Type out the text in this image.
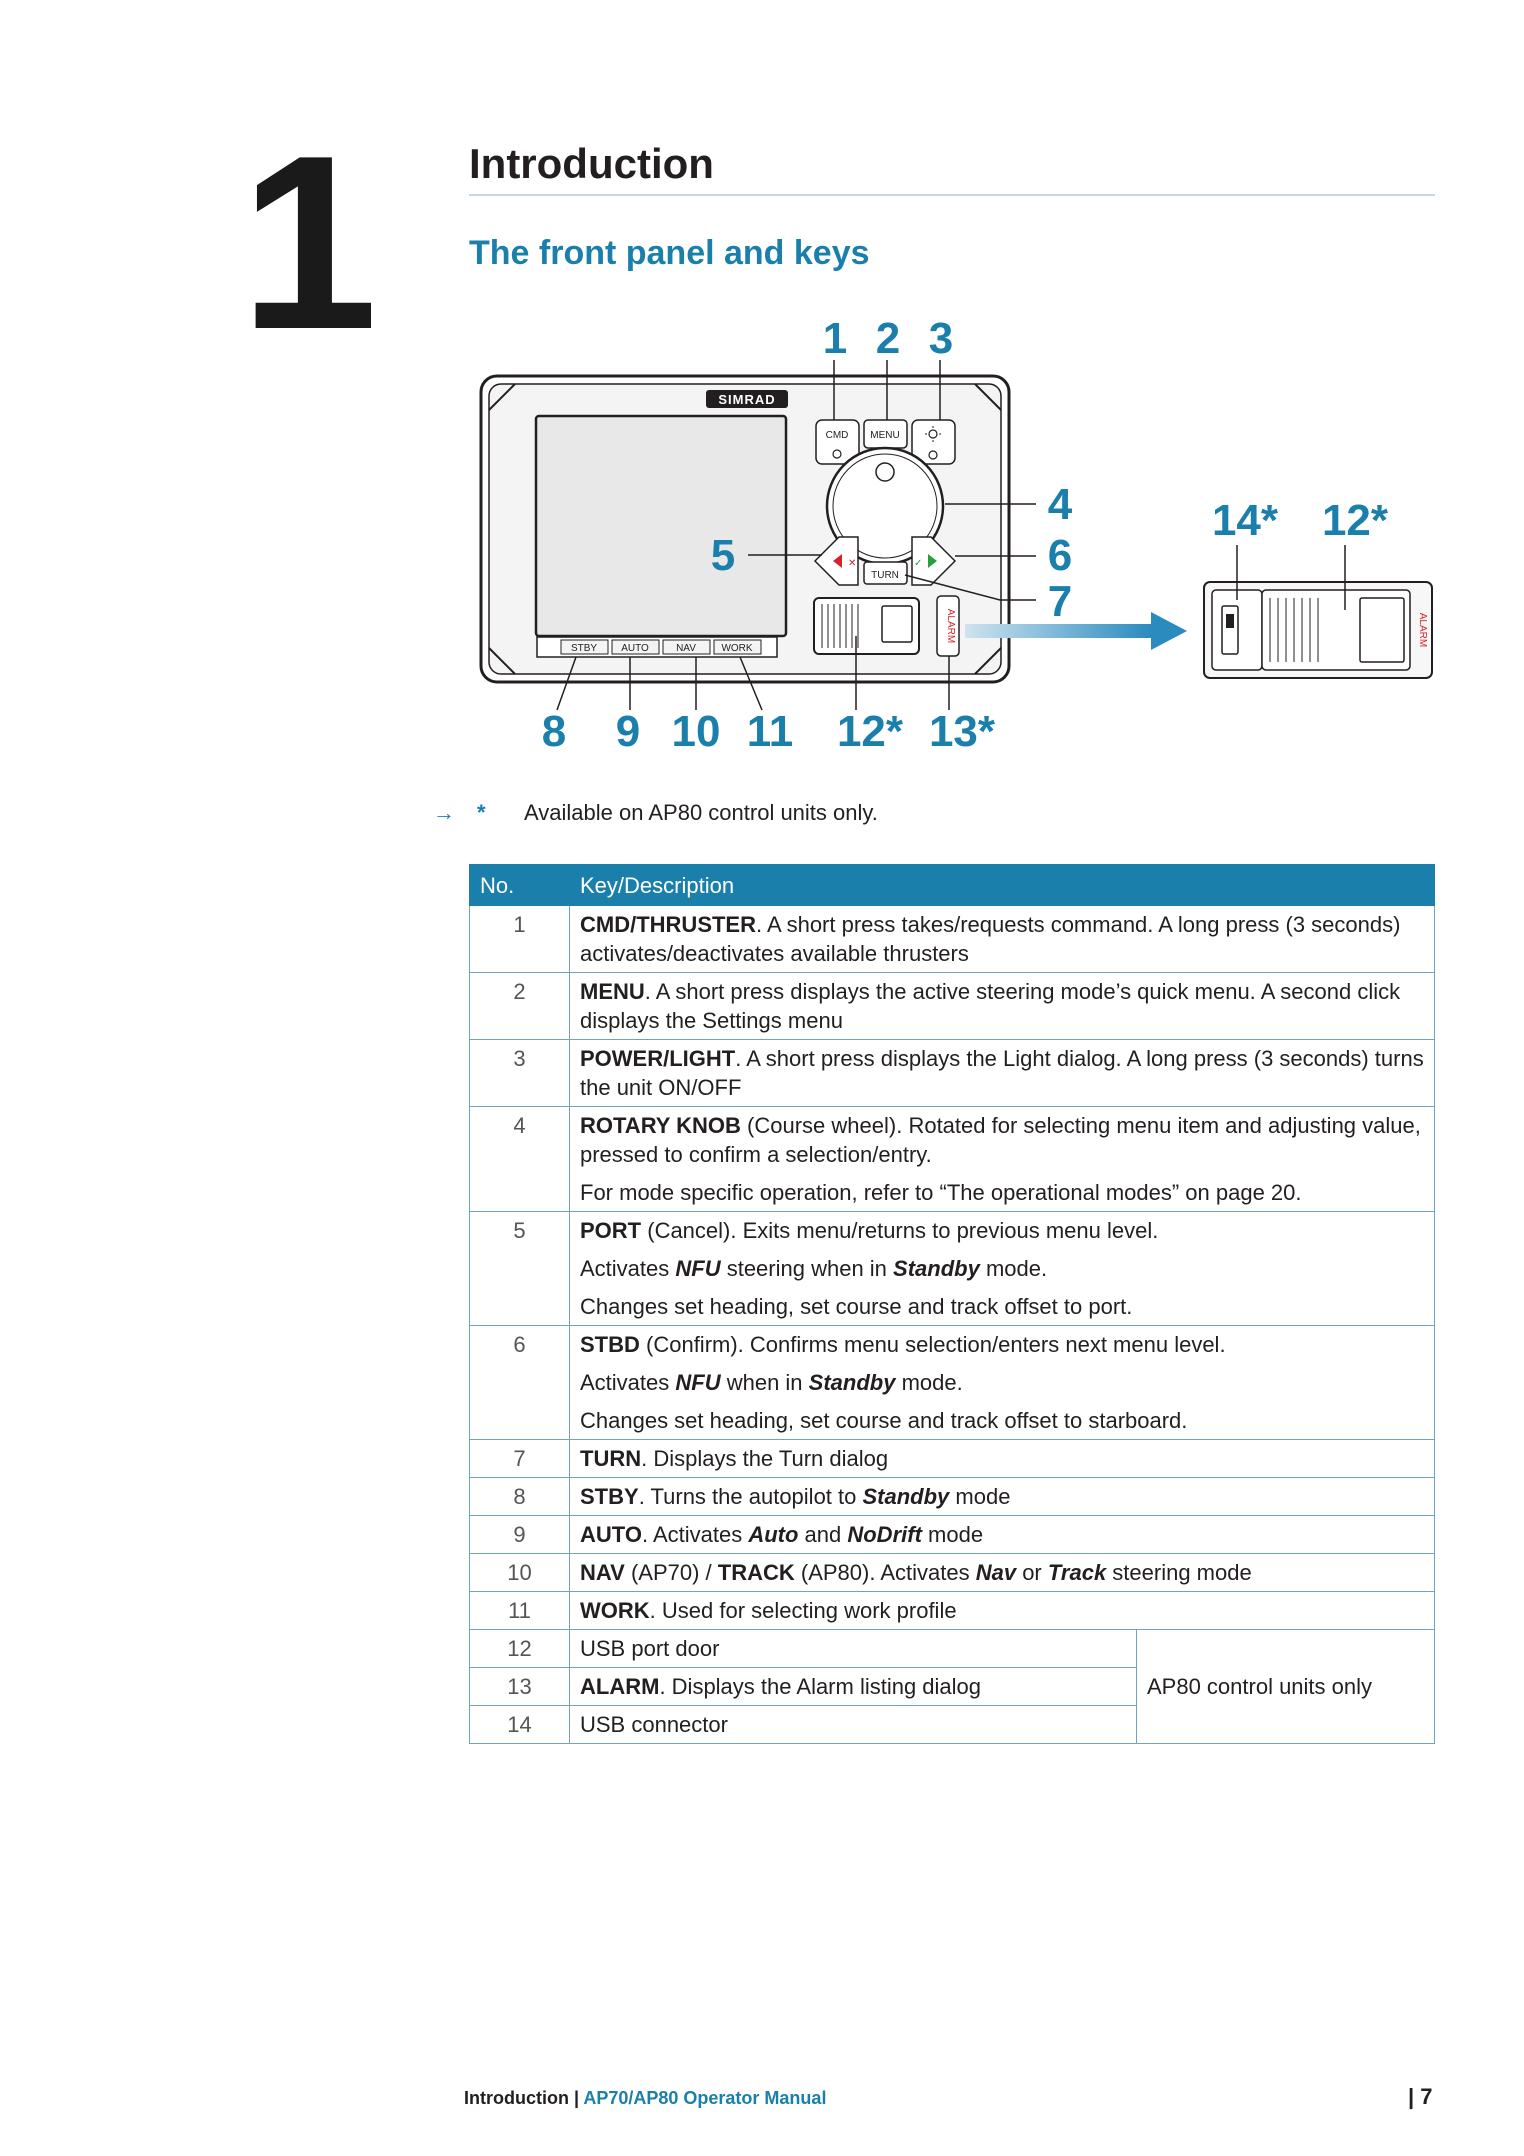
1 Introduction
The front panel and keys
SIMRAD
STBY AUTO	NAV	WORK
CMD MENU
✕	✓
TURN
ALARM	ALARM
1 2 3
4
5	6
7
8 9 10 11 12* 13*
14* 12*
→ * Available on AP80 control units only.
No.	Key/Description	
1	CMD/THRUSTER. A short press takes/requests command. A long press (3 seconds) activates/deactivates available thrusters	

2	MENU. A short press displays the active steering mode’s quick menu. A second click displays the Settings menu	

3	POWER/LIGHT. A short press displays the Light dialog. A long press (3 seconds) turns the unit ON/OFF	

4	ROTARY KNOB (Course wheel). Rotated for selecting menu item and adjusting value, pressed to confirm a selection/entry.

For mode specific operation, refer to “The operational modes” on page 20.	

5	PORT (Cancel). Exits menu/returns to previous menu level.

Activates NFU steering when in Standby mode.

Changes set heading, set course and track offset to port.	

6	STBD (Confirm). Confirms menu selection/enters next menu level.

Activates NFU when in Standby mode.

Changes set heading, set course and track offset to starboard.	

7	TURN. Displays the Turn dialog	

8	STBY. Turns the autopilot to Standby mode	

9	AUTO. Activates Auto and NoDrift mode	

10	NAV (AP70) / TRACK (AP80). Activates Nav or Track steering mode	

11	WORK. Used for selecting work profile	

12	USB port door	AP80 control units only
13	ALARM. Displays the Alarm listing dialog	

14	USB connector	

Introduction | AP70/AP80 Operator Manual	| 7
